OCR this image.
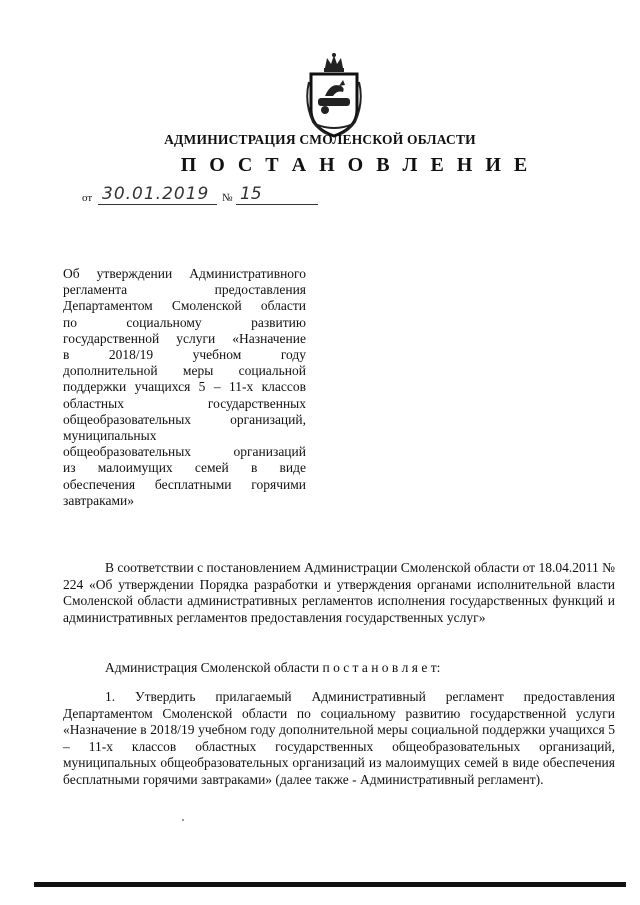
АДМИНИСТРАЦИЯ СМОЛЕНСКОЙ ОБЛАСТИ
П О С Т А Н О В Л Е Н И Е
от 30.01.2019	№ 15
Об утверждении Административного
регламента предоставления
Департаментом Смоленской области
по социальному развитию
государственной услуги «Назначение
в 2018/19 учебном году
дополнительной меры социальной
поддержки учащихся 5 – 11-х классов
областных государственных
общеобразовательных организаций,
муниципальных
общеобразовательных организаций
из малоимущих семей в виде
обеспечения бесплатными горячими
завтраками»
В соответствии с постановлением Администрации Смоленской области от 18.04.2011 № 224 «Об утверждении Порядка разработки и утверждения органами исполнительной власти Смоленской области административных регламентов исполнения государственных функций и административных регламентов предоставления государственных услуг»
Администрация Смоленской области п о с т а н о в л я е т:
1. Утвердить прилагаемый Административный регламент предоставления Департаментом Смоленской области по социальному развитию государственной услуги «Назначение в 2018/19 учебном году дополнительной меры социальной поддержки учащихся 5 – 11-х классов областных государственных общеобразовательных организаций, муниципальных общеобразовательных организаций из малоимущих семей в виде обеспечения бесплатными горячими завтраками» (далее также - Административный регламент).
